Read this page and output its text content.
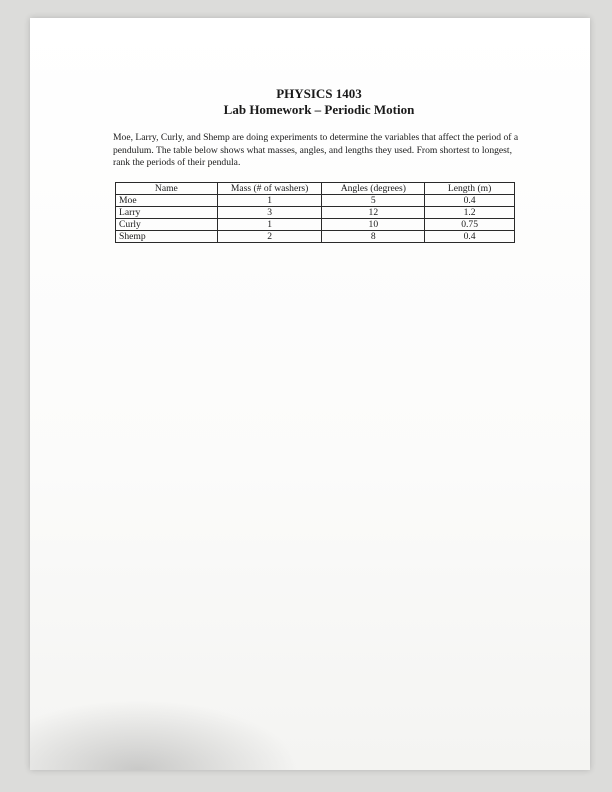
PHYSICS 1403
Lab Homework – Periodic Motion

Moe, Larry, Curly, and Shemp are doing experiments to determine the variables that affect the period of a pendulum. The table below shows what masses, angles, and lengths they used. From shortest to longest, rank the periods of their pendula.

Name	Mass (# of washers)	Angles (degrees)	Length (m)
Moe	1	5	0.4
Larry	3	12	1.2
Curly	1	10	0.75
Shemp	2	8	0.4
